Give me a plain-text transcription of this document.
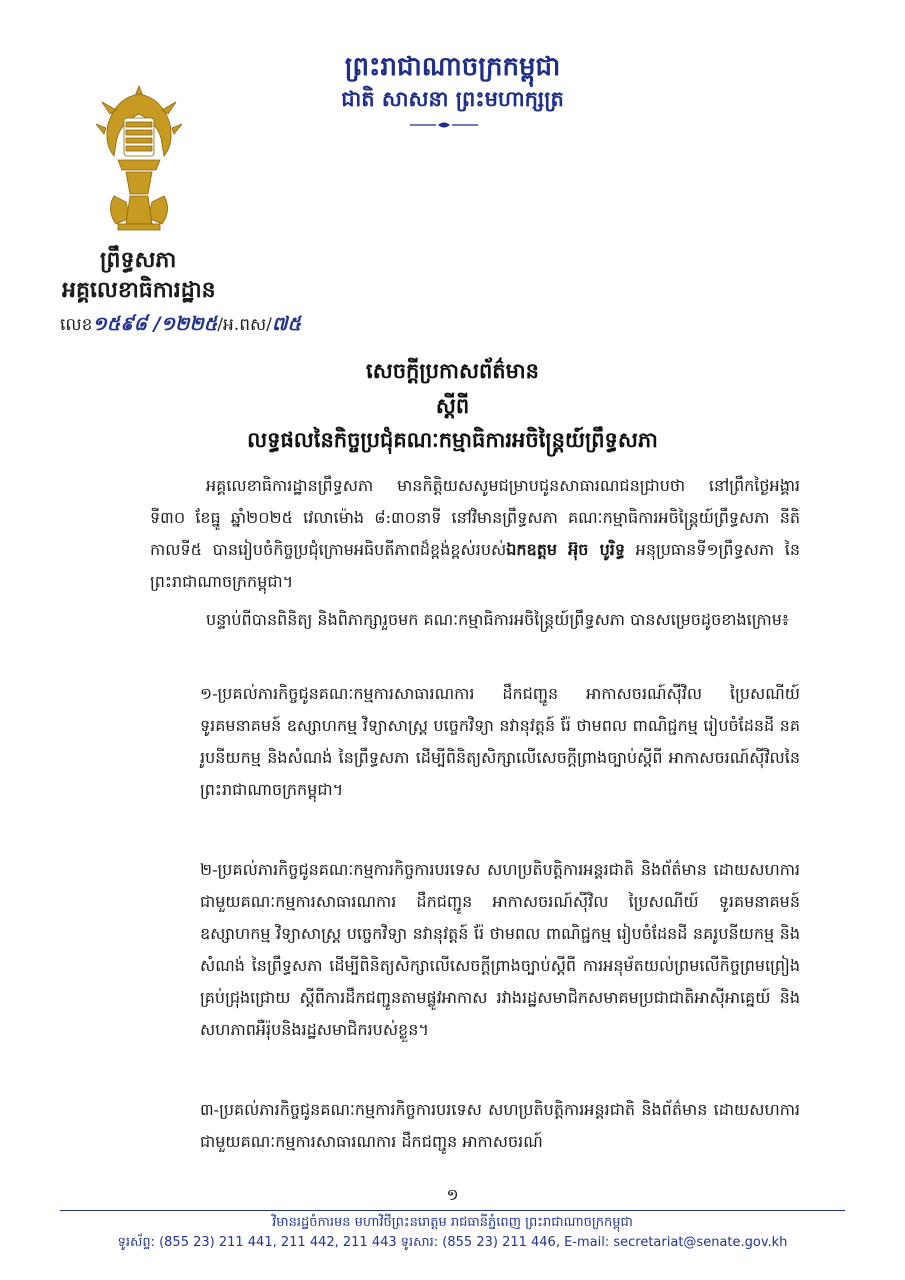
ព្រះរាជាណាចក្រកម្ពុជា
ជាតិ សាសនា ព្រះមហាក្សត្រ
ព្រឹទ្ធសភា
អគ្គលេខាធិការដ្ឋាន
លេខ១៥៩៨ /១២២៥/អ.ពស/៧៥
សេចក្តីប្រកាសព័ត៌មាន
ស្តីពី
លទ្ធផលនៃកិច្ចប្រជុំគណៈកម្មាធិការអចិន្ត្រៃយ៍ព្រឹទ្ធសភា
អគ្គលេខាធិការដ្ឋានព្រឹទ្ធសភា មានកិត្តិយសសូមជម្រាបជូនសាធារណជនជ្រាបថា នៅព្រឹកថ្ងៃអង្គារ ទី៣០ ខែធ្នូ ឆ្នាំ២០២៥ វេលាម៉ោង ៨:៣០នាទី នៅវិមានព្រឹទ្ធសភា គណៈកម្មាធិការអចិន្ត្រៃយ៍ព្រឹទ្ធសភា នីតិកាលទី៥ បានរៀបចំកិច្ចប្រជុំក្រោមអធិបតីភាពដ៏ខ្ពង់ខ្ពស់របស់ឯកឧត្តម អ៊ុច បូរិទ្ធ អនុប្រធានទី១ព្រឹទ្ធសភា នៃព្រះរាជាណាចក្រកម្ពុជា។
បន្ទាប់ពីបានពិនិត្យ និងពិភាក្សារួចមក គណៈកម្មាធិការអចិន្ត្រៃយ៍ព្រឹទ្ធសភា បានសម្រេចដូចខាងក្រោម៖
១-ប្រគល់ភារកិច្ចជូនគណៈកម្មការសាធារណការ ដឹកជញ្ជូន អាកាសចរណ៍ស៊ីវិល ប្រៃសណីយ៍ ទូរគមនាគមន៍ ឧស្សាហកម្ម វិទ្យាសាស្ត្រ បច្ចេកវិទ្យា នវានុវត្តន៍ រ៉ែ ថាមពល ពាណិជ្ជកម្ម រៀបចំដែនដី នគរូបនីយកម្ម និងសំណង់ នៃព្រឹទ្ធសភា ដើម្បីពិនិត្យសិក្សាលើសេចក្តីព្រាងច្បាប់ស្តីពី អាកាសចរណ៍ស៊ីវិលនៃព្រះរាជាណាចក្រកម្ពុជា។
២-ប្រគល់ភារកិច្ចជូនគណៈកម្មការកិច្ចការបរទេស សហប្រតិបត្តិការអន្តរជាតិ និងព័ត៌មាន ដោយសហការជាមួយគណៈកម្មការសាធារណការ ដឹកជញ្ជូន អាកាសចរណ៍ស៊ីវិល ប្រៃសណីយ៍ ទូរគមនាគមន៍ ឧស្សាហកម្ម វិទ្យាសាស្ត្រ បច្ចេកវិទ្យា នវានុវត្តន៍ រ៉ែ ថាមពល ពាណិជ្ជកម្ម រៀបចំដែនដី នគរូបនីយកម្ម និងសំណង់ នៃព្រឹទ្ធសភា ដើម្បីពិនិត្យសិក្សាលើសេចក្តីព្រាងច្បាប់ស្តីពី ការអនុម័តយល់ព្រមលើកិច្ចព្រមព្រៀងគ្រប់ជ្រុងជ្រោយ ស្តីពីការដឹកជញ្ជូនតាមផ្លូវអាកាស រវាងរដ្ឋសមាជិកសមាគមប្រជាជាតិអាស៊ីអាគ្នេយ៍ និងសហភាពអឺរ៉ុបនិងរដ្ឋសមាជិករបស់ខ្លួន។
៣-ប្រគល់ភារកិច្ចជូនគណៈកម្មការកិច្ចការបរទេស សហប្រតិបត្តិការអន្តរជាតិ និងព័ត៌មាន ដោយសហការជាមួយគណៈកម្មការសាធារណការ ដឹកជញ្ជូន អាកាសចរណ៍
១
វិមានរដ្ឋចំការមន មហាវិថីព្រះនរោត្តម រាជធានីភ្នំពេញ ព្រះរាជាណាចក្រកម្ពុជា
ទូរស័ព្ទ: (855 23) 211 441, 211 442, 211 443 ទូរសារ: (855 23) 211 446, E-mail: secretariat@senate.gov.kh
